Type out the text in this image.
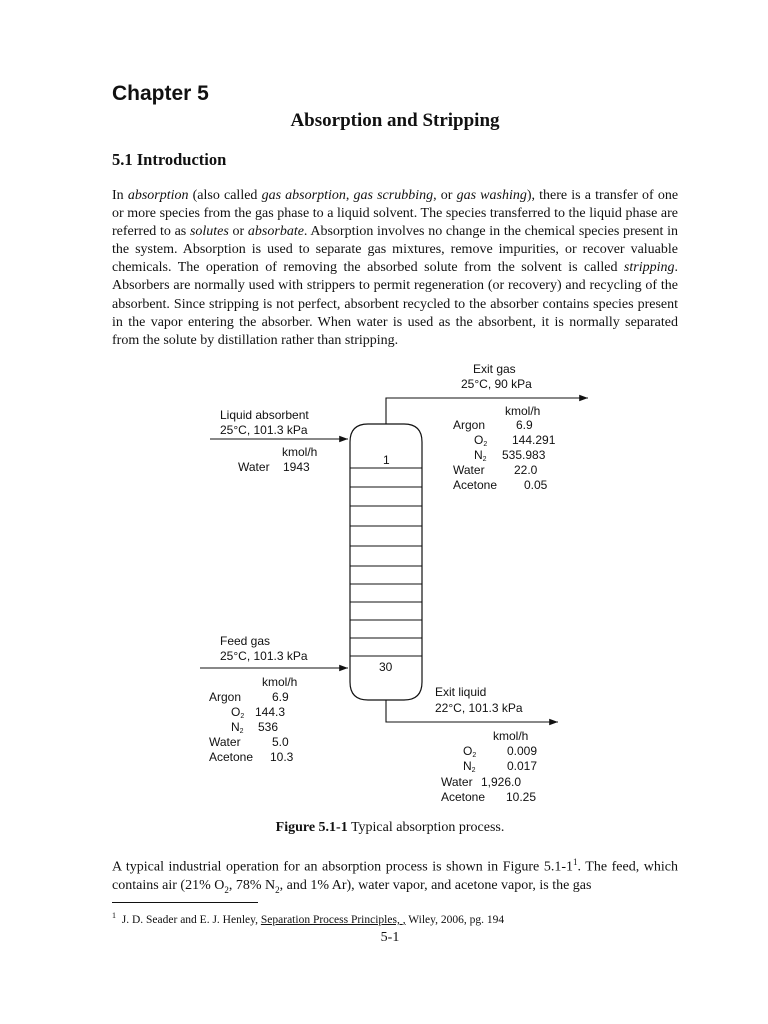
Chapter 5
Absorption and Stripping
5.1 Introduction

In absorption (also called gas absorption, gas scrubbing, or gas washing), there is a transfer of one or more species from the gas phase to a liquid solvent. The species transferred to the liquid phase are referred to as solutes or absorbate. Absorption involves no change in the chemical species present in the system. Absorption is used to separate gas mixtures, remove impurities, or recover valuable chemicals. The operation of removing the absorbed solute from the solvent is called stripping. Absorbers are normally used with strippers to permit regeneration (or recovery) and recycling of the absorbent. Since stripping is not perfect, absorbent recycled to the absorber contains species present in the vapor entering the absorber. When water is used as the absorbent, it is normally separated from the solute by distillation rather than stripping.

1
30
Exit gas
25°C, 90 kPa
kmol/h
Argon	6.9
O2 144.291
N2 535.983
Water 22.0
Acetone 0.05
Liquid absorbent
25°C, 101.3 kPa
kmol/h
Water 1943
Feed gas
25°C, 101.3 kPa
kmol/h
Argon	6.9
O2 144.3
N2 536
Water	5.0
Acetone 10.3
Exit liquid
22°C, 101.3 kPa
kmol/h
O2	0.009
N2	0.017
Water 1,926.0
Acetone 10.25
Figure 5.1-1 Typical absorption process.

A typical industrial operation for an absorption process is shown in Figure $5.1-1^1$. The feed, which contains air (21% $O_2$, 78% $N_2$, and 1% Ar), water vapor, and acetone vapor, is the gas

$^1$ J. D. Seader and E. J. Henley, Separation Process Principles, , Wiley, 2006, pg. 194
5-1
